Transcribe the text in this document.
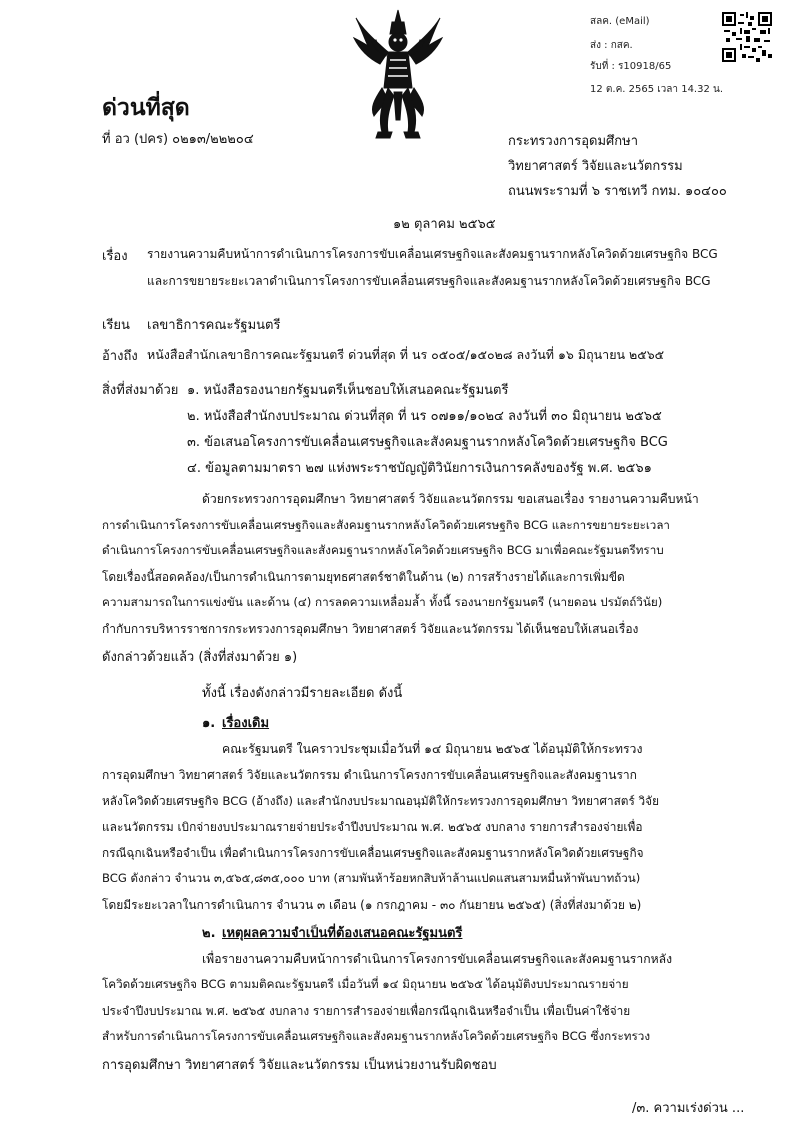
สลค. (eMail)
ส่ง : กสค.
รับที่ : ร10918/65
12 ต.ค. 2565 เวลา 14.32 น.
ด่วนที่สุด
ที่ อว (ปคร) ๐๒๑๓/๒๒๒๐๔	กระทรวงการอุดมศึกษา
วิทยาศาสตร์ วิจัยและนวัตกรรม
ถนนพระรามที่ ๖ ราชเทวี กทม. ๑๐๔๐๐
๑๒ ตุลาคม ๒๕๖๕
เรื่อง รายงานความคืบหน้าการดำเนินการโครงการขับเคลื่อนเศรษฐกิจและสังคมฐานรากหลังโควิดด้วยเศรษฐกิจ BCG
และการขยายระยะเวลาดำเนินการโครงการขับเคลื่อนเศรษฐกิจและสังคมฐานรากหลังโควิดด้วยเศรษฐกิจ BCG
เรียน เลขาธิการคณะรัฐมนตรี
อ้างถึง หนังสือสำนักเลขาธิการคณะรัฐมนตรี ด่วนที่สุด ที่ นร ๐๕๐๕/๑๕๐๒๘ ลงวันที่ ๑๖ มิถุนายน ๒๕๖๕
สิ่งที่ส่งมาด้วย ๑. หนังสือรองนายกรัฐมนตรีเห็นชอบให้เสนอคณะรัฐมนตรี
๒. หนังสือสำนักงบประมาณ ด่วนที่สุด ที่ นร ๐๗๑๑/๑๐๒๔ ลงวันที่ ๓๐ มิถุนายน ๒๕๖๕
๓. ข้อเสนอโครงการขับเคลื่อนเศรษฐกิจและสังคมฐานรากหลังโควิดด้วยเศรษฐกิจ BCG
๔. ข้อมูลตามมาตรา ๒๗ แห่งพระราชบัญญัติวินัยการเงินการคลังของรัฐ พ.ศ. ๒๕๖๑
ด้วยกระทรวงการอุดมศึกษา วิทยาศาสตร์ วิจัยและนวัตกรรม ขอเสนอเรื่อง รายงานความคืบหน้า
การดำเนินการโครงการขับเคลื่อนเศรษฐกิจและสังคมฐานรากหลังโควิดด้วยเศรษฐกิจ BCG และการขยายระยะเวลา
ดำเนินการโครงการขับเคลื่อนเศรษฐกิจและสังคมฐานรากหลังโควิดด้วยเศรษฐกิจ BCG มาเพื่อคณะรัฐมนตรีทราบ
โดยเรื่องนี้สอดคล้อง/เป็นการดำเนินการตามยุทธศาสตร์ชาติในด้าน (๒) การสร้างรายได้และการเพิ่มขีด
ความสามารถในการแข่งขัน และด้าน (๔) การลดความเหลื่อมล้ำ ทั้งนี้ รองนายกรัฐมนตรี (นายดอน ปรมัตถ์วินัย)
กำกับการบริหารราชการกระทรวงการอุดมศึกษา วิทยาศาสตร์ วิจัยและนวัตกรรม ได้เห็นชอบให้เสนอเรื่อง
ดังกล่าวด้วยแล้ว (สิ่งที่ส่งมาด้วย ๑)
ทั้งนี้ เรื่องดังกล่าวมีรายละเอียด ดังนี้
๑. เรื่องเดิม
คณะรัฐมนตรี ในคราวประชุมเมื่อวันที่ ๑๔ มิถุนายน ๒๕๖๕ ได้อนุมัติให้กระทรวง
การอุดมศึกษา วิทยาศาสตร์ วิจัยและนวัตกรรม ดำเนินการโครงการขับเคลื่อนเศรษฐกิจและสังคมฐานราก
หลังโควิดด้วยเศรษฐกิจ BCG (อ้างถึง) และสำนักงบประมาณอนุมัติให้กระทรวงการอุดมศึกษา วิทยาศาสตร์ วิจัย
และนวัตกรรม เบิกจ่ายงบประมาณรายจ่ายประจำปีงบประมาณ พ.ศ. ๒๕๖๕ งบกลาง รายการสำรองจ่ายเพื่อ
กรณีฉุกเฉินหรือจำเป็น เพื่อดำเนินการโครงการขับเคลื่อนเศรษฐกิจและสังคมฐานรากหลังโควิดด้วยเศรษฐกิจ
BCG ดังกล่าว จำนวน ๓,๕๖๕,๘๓๕,๐๐๐ บาท (สามพันห้าร้อยหกสิบห้าล้านแปดแสนสามหมื่นห้าพันบาทถ้วน)
โดยมีระยะเวลาในการดำเนินการ จำนวน ๓ เดือน (๑ กรกฎาคม - ๓๐ กันยายน ๒๕๖๕) (สิ่งที่ส่งมาด้วย ๒)
๒. เหตุผลความจำเป็นที่ต้องเสนอคณะรัฐมนตรี
เพื่อรายงานความคืบหน้าการดำเนินการโครงการขับเคลื่อนเศรษฐกิจและสังคมฐานรากหลัง
โควิดด้วยเศรษฐกิจ BCG ตามมติคณะรัฐมนตรี เมื่อวันที่ ๑๔ มิถุนายน ๒๕๖๕ ได้อนุมัติงบประมาณรายจ่าย
ประจำปีงบประมาณ พ.ศ. ๒๕๖๕ งบกลาง รายการสำรองจ่ายเพื่อกรณีฉุกเฉินหรือจำเป็น เพื่อเป็นค่าใช้จ่าย
สำหรับการดำเนินการโครงการขับเคลื่อนเศรษฐกิจและสังคมฐานรากหลังโควิดด้วยเศรษฐกิจ BCG ซึ่งกระทรวง
การอุดมศึกษา วิทยาศาสตร์ วิจัยและนวัตกรรม เป็นหน่วยงานรับผิดชอบ
/๓. ความเร่งด่วน ...
